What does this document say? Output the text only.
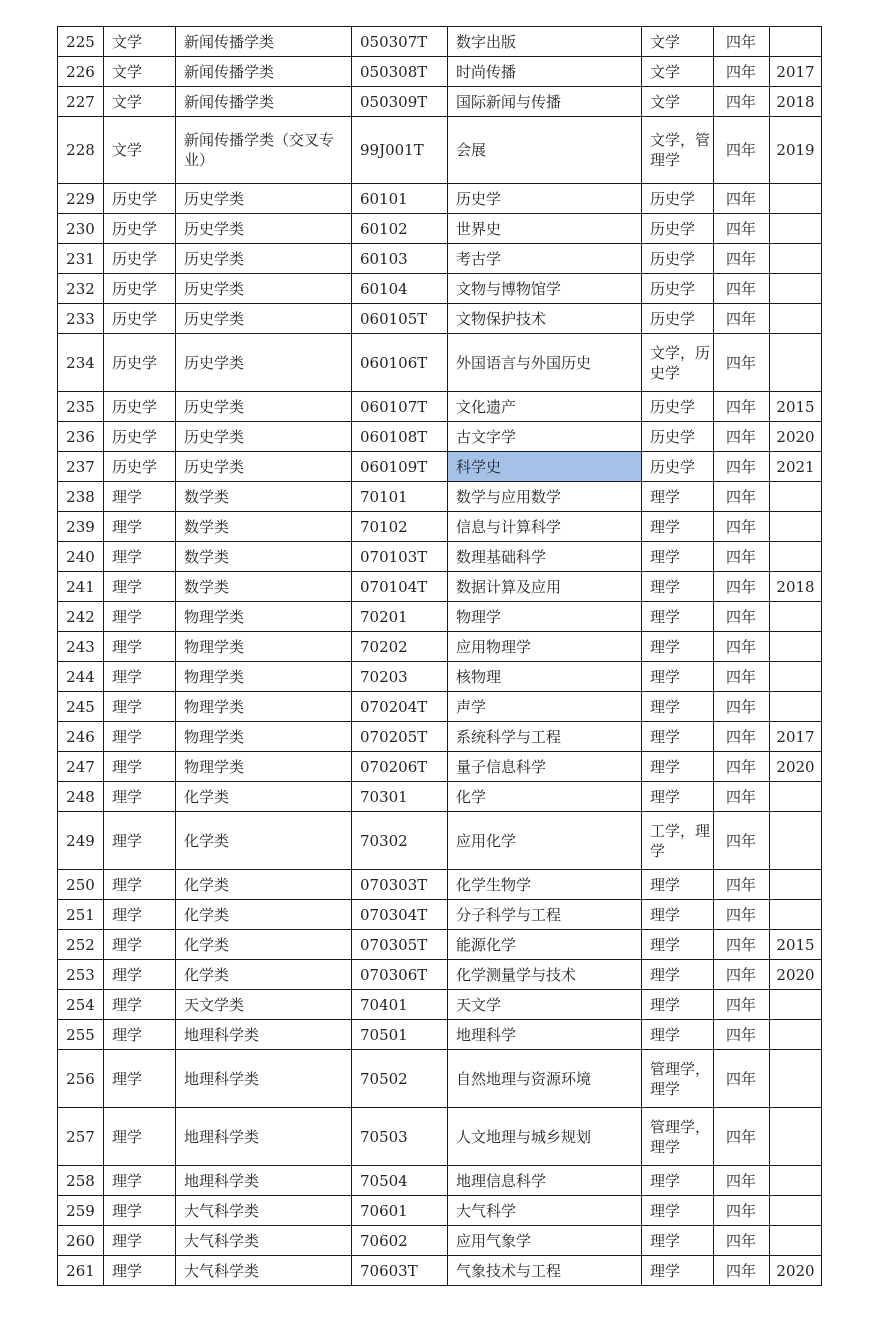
225	文学	新闻传播学类	050307T	数字出版	文学	四年	
226	文学	新闻传播学类	050308T	时尚传播	文学	四年	2017
227	文学	新闻传播学类	050309T	国际新闻与传播	文学	四年	2018
228	文学	新闻传播学类（交叉专业）	99J001T	会展	文学，管理学	四年	2019
229	历史学	历史学类	60101	历史学	历史学	四年	
230	历史学	历史学类	60102	世界史	历史学	四年	
231	历史学	历史学类	60103	考古学	历史学	四年	
232	历史学	历史学类	60104	文物与博物馆学	历史学	四年	
233	历史学	历史学类	060105T	文物保护技术	历史学	四年	
234	历史学	历史学类	060106T	外国语言与外国历史	文学，历史学	四年	
235	历史学	历史学类	060107T	文化遗产	历史学	四年	2015
236	历史学	历史学类	060108T	古文字学	历史学	四年	2020
237	历史学	历史学类	060109T	科学史	历史学	四年	2021
238	理学	数学类	70101	数学与应用数学	理学	四年	
239	理学	数学类	70102	信息与计算科学	理学	四年	
240	理学	数学类	070103T	数理基础科学	理学	四年	
241	理学	数学类	070104T	数据计算及应用	理学	四年	2018
242	理学	物理学类	70201	物理学	理学	四年	
243	理学	物理学类	70202	应用物理学	理学	四年	
244	理学	物理学类	70203	核物理	理学	四年	
245	理学	物理学类	070204T	声学	理学	四年	
246	理学	物理学类	070205T	系统科学与工程	理学	四年	2017
247	理学	物理学类	070206T	量子信息科学	理学	四年	2020
248	理学	化学类	70301	化学	理学	四年	
249	理学	化学类	70302	应用化学	工学，理学	四年	
250	理学	化学类	070303T	化学生物学	理学	四年	
251	理学	化学类	070304T	分子科学与工程	理学	四年	
252	理学	化学类	070305T	能源化学	理学	四年	2015
253	理学	化学类	070306T	化学测量学与技术	理学	四年	2020
254	理学	天文学类	70401	天文学	理学	四年	
255	理学	地理科学类	70501	地理科学	理学	四年	
256	理学	地理科学类	70502	自然地理与资源环境	管理学，理学	四年	
257	理学	地理科学类	70503	人文地理与城乡规划	管理学，理学	四年	
258	理学	地理科学类	70504	地理信息科学	理学	四年	
259	理学	大气科学类	70601	大气科学	理学	四年	
260	理学	大气科学类	70602	应用气象学	理学	四年	
261	理学	大气科学类	70603T	气象技术与工程	理学	四年	2020
